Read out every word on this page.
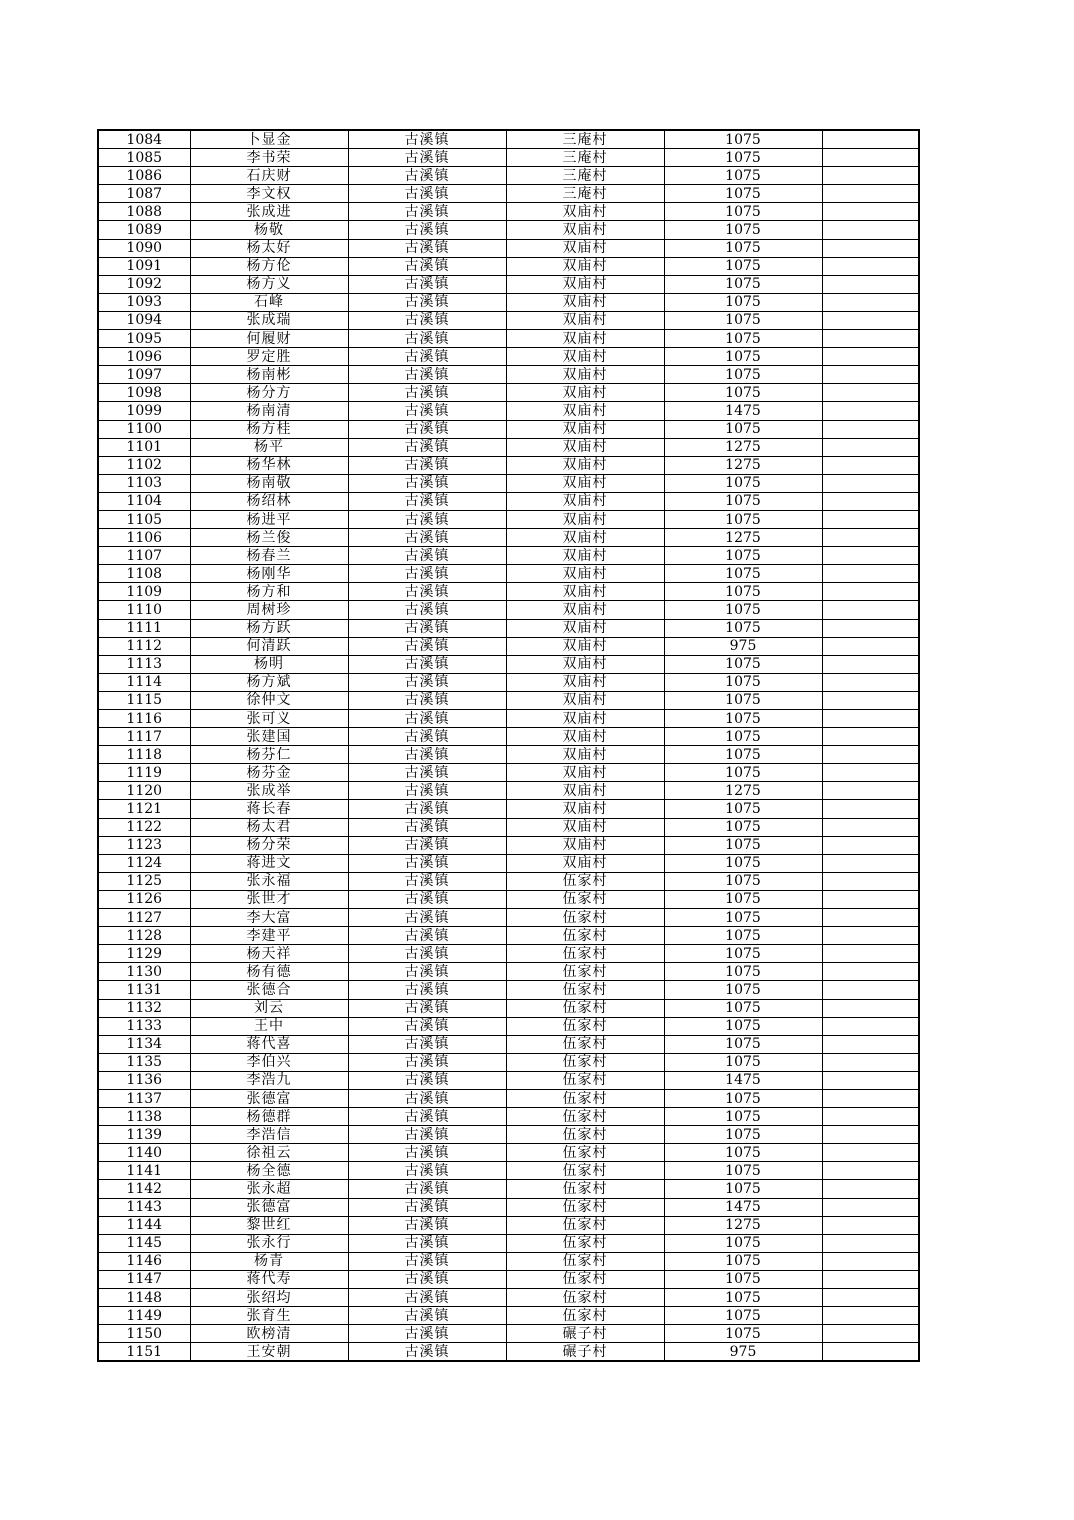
1084	卜显金	古溪镇	三庵村	1075	
1085	李书荣	古溪镇	三庵村	1075	
1086	石庆财	古溪镇	三庵村	1075	
1087	李文权	古溪镇	三庵村	1075	
1088	张成进	古溪镇	双庙村	1075	
1089	杨敬	古溪镇	双庙村	1075	
1090	杨太好	古溪镇	双庙村	1075	
1091	杨方伦	古溪镇	双庙村	1075	
1092	杨方义	古溪镇	双庙村	1075	
1093	石峰	古溪镇	双庙村	1075	
1094	张成瑞	古溪镇	双庙村	1075	
1095	何履财	古溪镇	双庙村	1075	
1096	罗定胜	古溪镇	双庙村	1075	
1097	杨南彬	古溪镇	双庙村	1075	
1098	杨分方	古溪镇	双庙村	1075	
1099	杨南清	古溪镇	双庙村	1475	
1100	杨方桂	古溪镇	双庙村	1075	
1101	杨平	古溪镇	双庙村	1275	
1102	杨华林	古溪镇	双庙村	1275	
1103	杨南敬	古溪镇	双庙村	1075	
1104	杨绍林	古溪镇	双庙村	1075	
1105	杨进平	古溪镇	双庙村	1075	
1106	杨兰俊	古溪镇	双庙村	1275	
1107	杨春兰	古溪镇	双庙村	1075	
1108	杨刚华	古溪镇	双庙村	1075	
1109	杨方和	古溪镇	双庙村	1075	
1110	周树珍	古溪镇	双庙村	1075	
1111	杨方跃	古溪镇	双庙村	1075	
1112	何清跃	古溪镇	双庙村	975	
1113	杨明	古溪镇	双庙村	1075	
1114	杨方斌	古溪镇	双庙村	1075	
1115	徐仲文	古溪镇	双庙村	1075	
1116	张可义	古溪镇	双庙村	1075	
1117	张建国	古溪镇	双庙村	1075	
1118	杨芬仁	古溪镇	双庙村	1075	
1119	杨芬金	古溪镇	双庙村	1075	
1120	张成举	古溪镇	双庙村	1275	
1121	蒋长春	古溪镇	双庙村	1075	
1122	杨太君	古溪镇	双庙村	1075	
1123	杨分荣	古溪镇	双庙村	1075	
1124	蒋进文	古溪镇	双庙村	1075	
1125	张永福	古溪镇	伍家村	1075	
1126	张世才	古溪镇	伍家村	1075	
1127	李大富	古溪镇	伍家村	1075	
1128	李建平	古溪镇	伍家村	1075	
1129	杨天祥	古溪镇	伍家村	1075	
1130	杨有德	古溪镇	伍家村	1075	
1131	张德合	古溪镇	伍家村	1075	
1132	刘云	古溪镇	伍家村	1075	
1133	王中	古溪镇	伍家村	1075	
1134	蒋代喜	古溪镇	伍家村	1075	
1135	李伯兴	古溪镇	伍家村	1075	
1136	李浩九	古溪镇	伍家村	1475	
1137	张德富	古溪镇	伍家村	1075	
1138	杨德群	古溪镇	伍家村	1075	
1139	李浩信	古溪镇	伍家村	1075	
1140	徐祖云	古溪镇	伍家村	1075	
1141	杨全德	古溪镇	伍家村	1075	
1142	张永超	古溪镇	伍家村	1075	
1143	张德富	古溪镇	伍家村	1475	
1144	黎世红	古溪镇	伍家村	1275	
1145	张永行	古溪镇	伍家村	1075	
1146	杨青	古溪镇	伍家村	1075	
1147	蒋代寿	古溪镇	伍家村	1075	
1148	张绍均	古溪镇	伍家村	1075	
1149	张育生	古溪镇	伍家村	1075	
1150	欧榜清	古溪镇	碾子村	1075	
1151	王安朝	古溪镇	碾子村	975	
